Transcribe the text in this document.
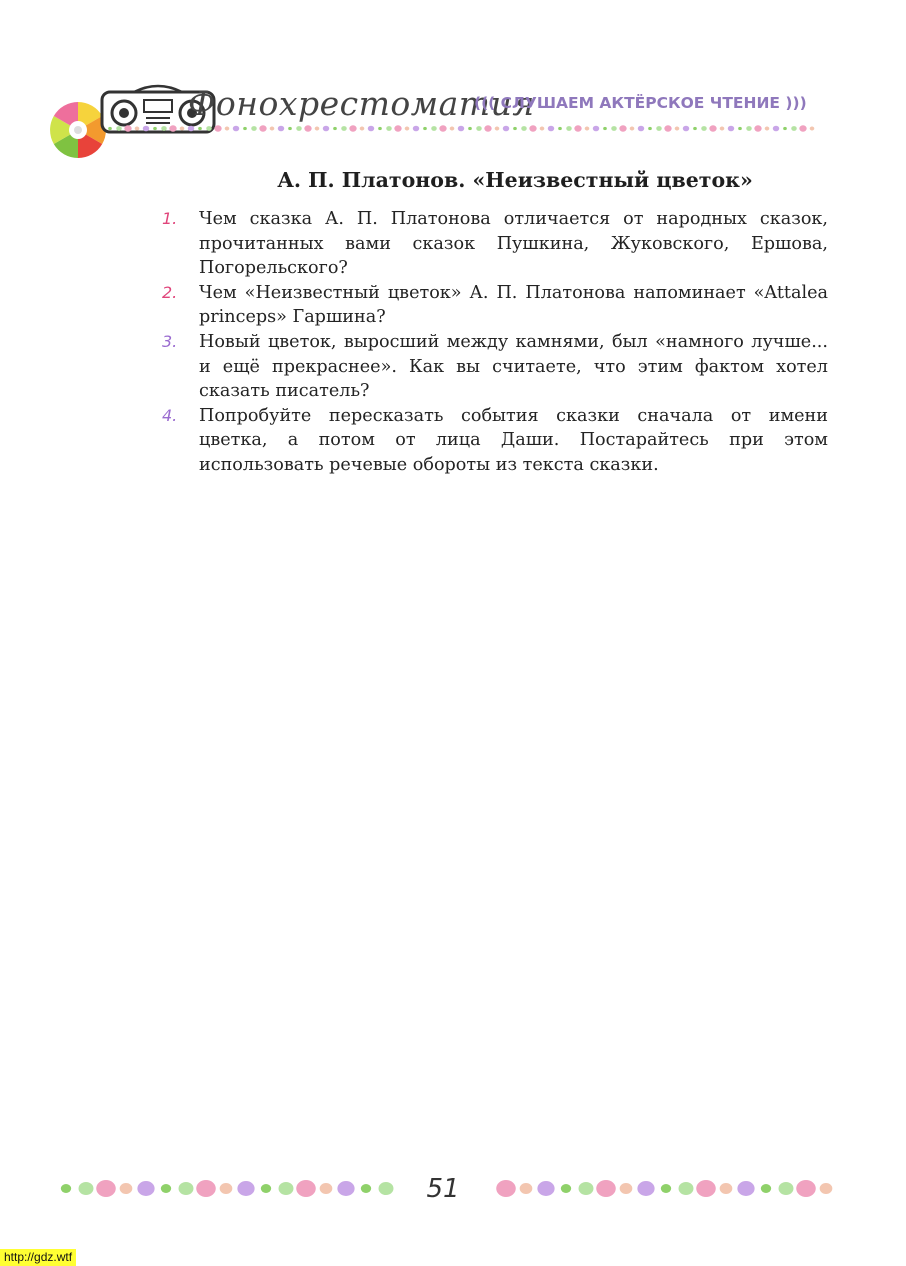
Фонохрестоматия
((( СЛУШАЕМ АКТЁРСКОЕ ЧТЕНИЕ )))
А. П. Платонов. «Неизвестный цветок»
1.	Чем сказка А. П. Платонова отличается от народных сказок, прочитанных вами сказок Пушкина, Жуковского, Ершова, Погорельского?
2.	Чем «Неизвестный цветок» А. П. Платонова напоминает «Attalea princeps» Гаршина?
3.	Новый цветок, выросший между камнями, был «намного лучше... и ещё прекраснее». Как вы считаете, что этим фактом хотел сказать писатель?
4.	Попробуйте пересказать события сказки сначала от имени цветка, а потом от лица Даши. Постарайтесь при этом использовать речевые обороты из текста сказки.
51
http://gdz.wtf
